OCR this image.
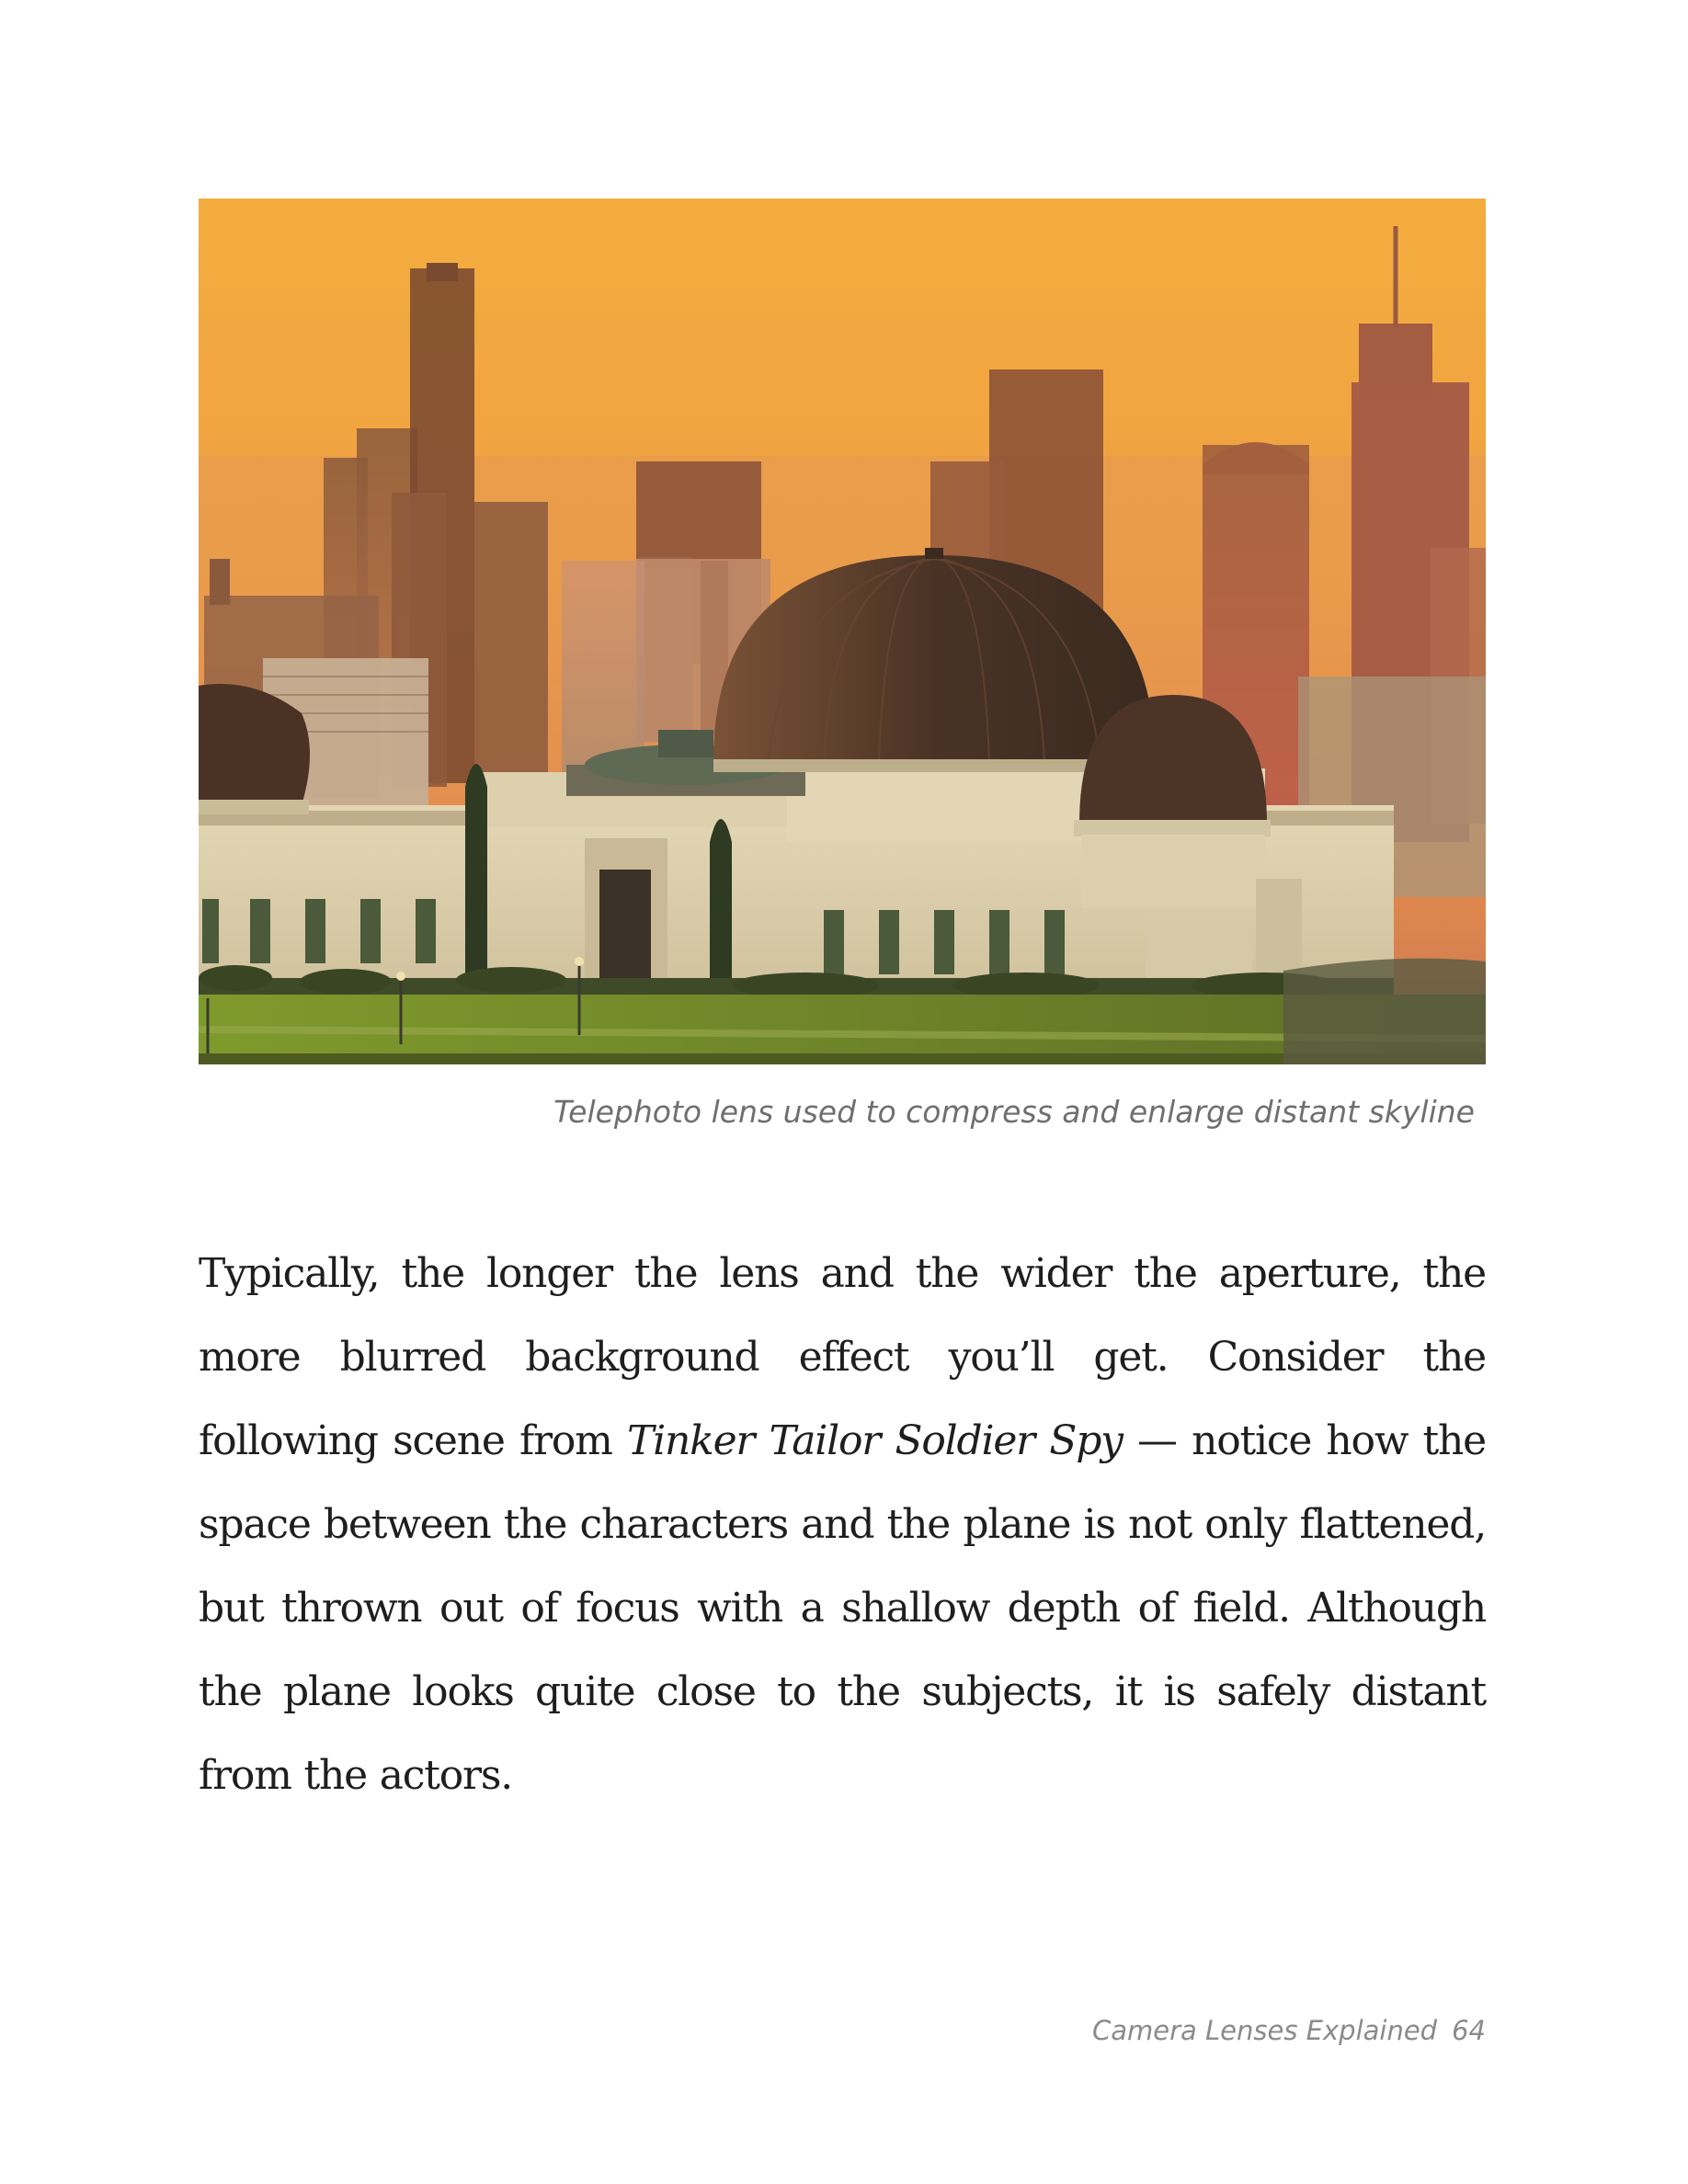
Telephoto lens used to compress and enlarge distant skyline
Typically, the longer the lens and the wider the aperture, the more blurred background effect you’ll get. Consider the following scene from Tinker Tailor Soldier Spy — notice how the space between the characters and the plane is not only flattened, but thrown out of focus with a shallow depth of field. Although the plane looks quite close to the subjects, it is safely distant from the actors.
Camera Lenses Explained 64
